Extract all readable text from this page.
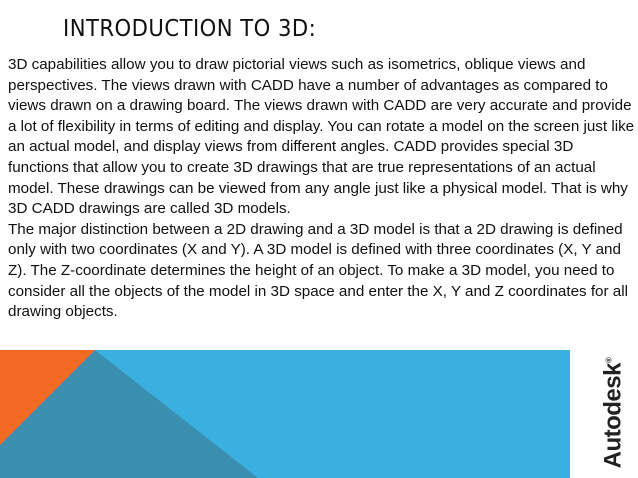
INTRODUCTION TO 3D:

3D capabilities allow you to draw pictorial views such as isometrics, oblique views and perspectives. The views drawn with CADD have a number of advantages as compared to views drawn on a drawing board. The views drawn with CADD are very accurate and provide a lot of flexibility in terms of editing and display. You can rotate a model on the screen just like an actual model, and display views from different angles. CADD provides special 3D functions that allow you to create 3D drawings that are true representations of an actual model. These drawings can be viewed from any angle just like a physical model. That is why 3D CADD drawings are called 3D models.

The major distinction between a 2D drawing and a 3D model is that a 2D drawing is defined only with two coordinates (X and Y). A 3D model is defined with three coordinates (X, Y and Z). The Z-coordinate determines the height of an object. To make a 3D model, you need to consider all the objects of the model in 3D space and enter the X, Y and Z coordinates for all drawing objects.

Autodesk®
